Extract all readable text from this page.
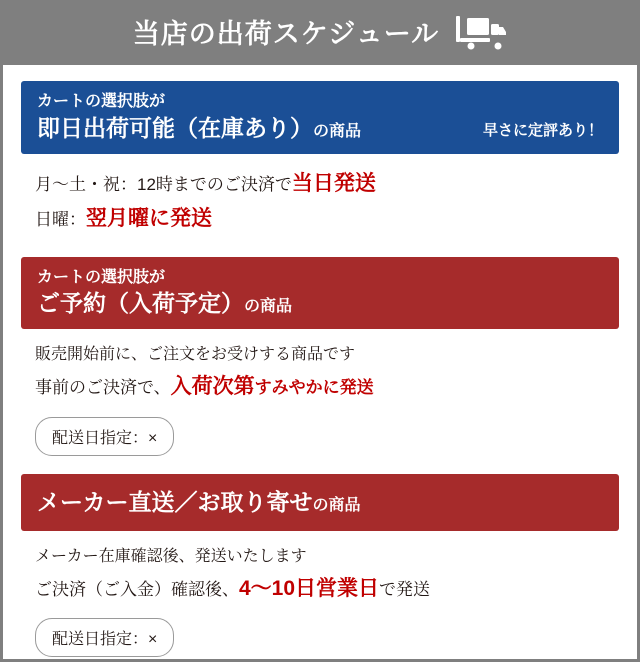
当店の出荷スケジュール
カートの選択肢が
即日出荷可能（在庫あり）の商品	早さに定評あり！

月～土・祝：12時までのご決済で当日発送

日曜：翌月曜に発送

カートの選択肢が
ご予約（入荷予定）の商品

販売開始前に、ご注文をお受けする商品です

事前のご決済で、入荷次第すみやかに発送

配送日指定：×
メーカー直送／お取り寄せの商品

メーカー在庫確認後、発送いたします

ご決済（ご入金）確認後、4～10日営業日で発送

配送日指定：×
